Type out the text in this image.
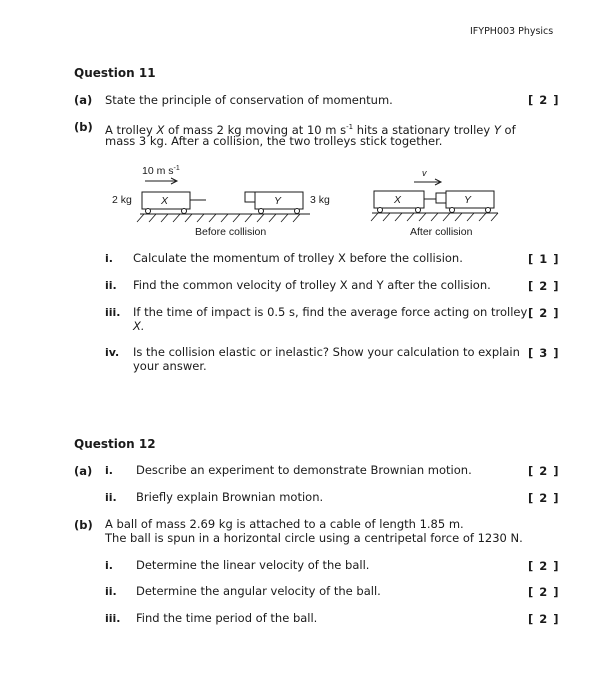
IFYPH003 Physics
Question 11
(a) State the principle of conservation of momentum.	[ 2 ]
(b) A trolley X of mass 2 kg moving at 10 m $s^{-1}$ hits a stationary trolley Y of
mass 3 kg. After a collision, the two trolleys stick together.
10 m $s^{-1}$
2 kg	X	Y	3 kg
Before collision
v
X	Y
After collision
i. Calculate the momentum of trolley X before the collision.	[ 1 ]
ii. Find the common velocity of trolley X and Y after the collision.	[ 2 ]
iii. If the time of impact is 0.5 s, find the average force acting on trolley
X.
[ 2 ]
iv. Is the collision elastic or inelastic? Show your calculation to explain
your answer.
[ 3 ]
Question 12
(a) i. Describe an experiment to demonstrate Brownian motion.	[ 2 ]
ii. Briefly explain Brownian motion.	[ 2 ]
(b) A ball of mass 2.69 kg is attached to a cable of length 1.85 m.
The ball is spun in a horizontal circle using a centripetal force of 1230 N.
i. Determine the linear velocity of the ball.	[ 2 ]
ii. Determine the angular velocity of the ball.	[ 2 ]
iii. Find the time period of the ball.	[ 2 ]
